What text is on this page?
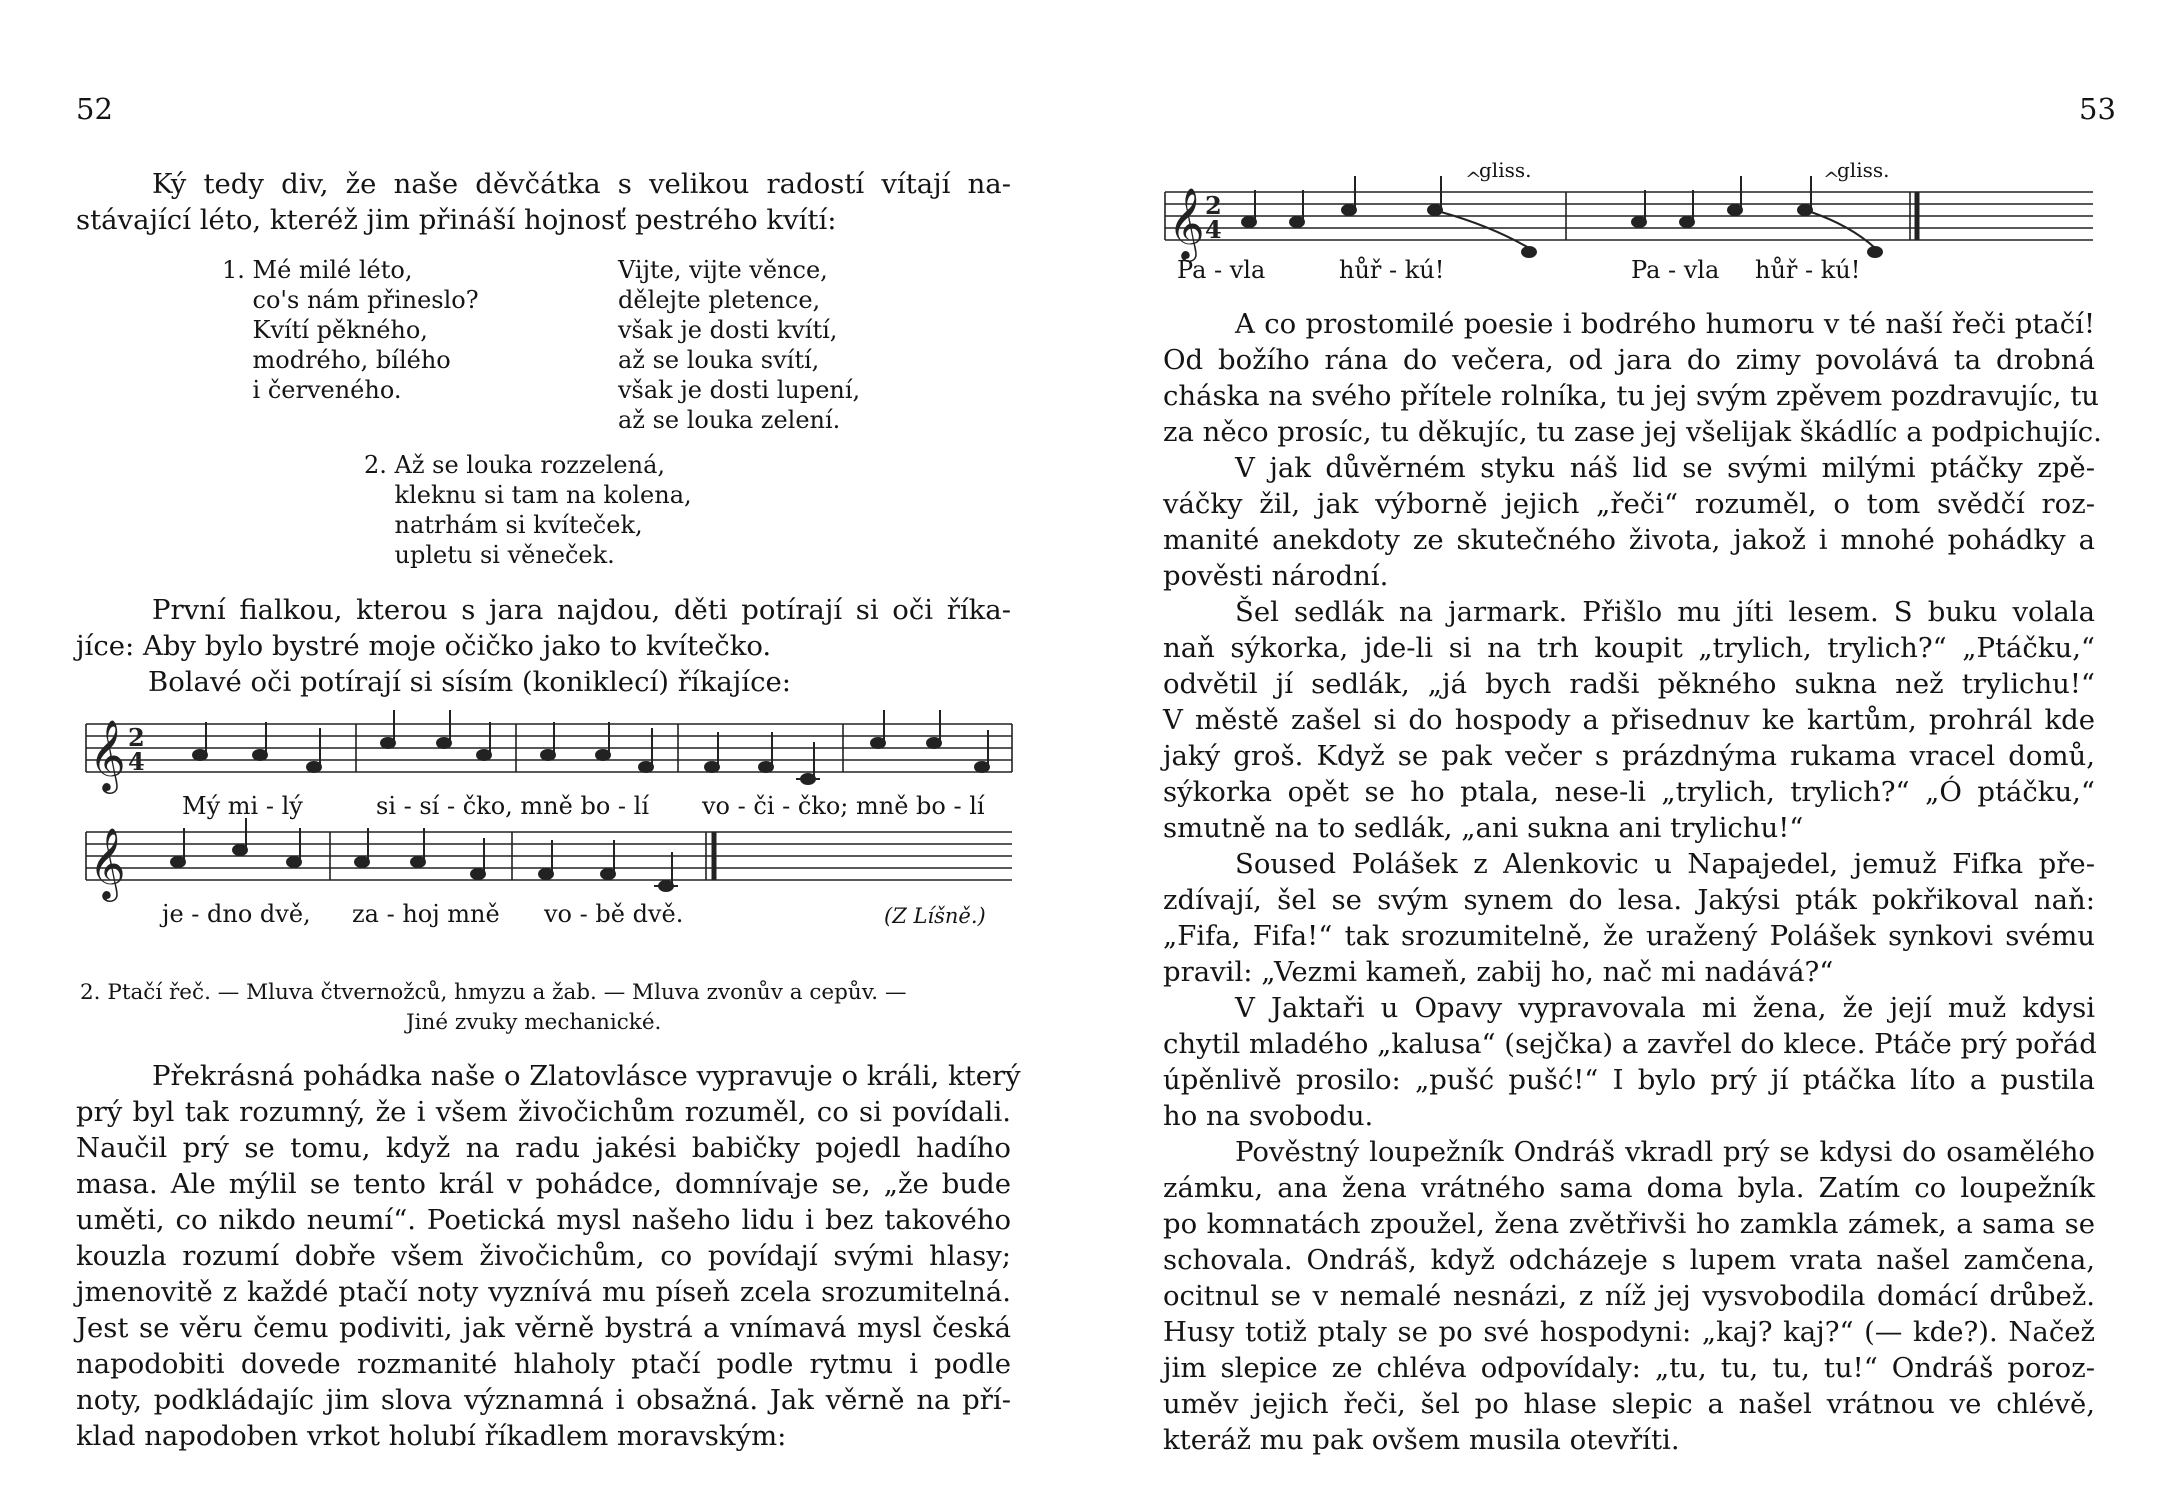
52
Ký tedy div, že naše děvčátka s velikou radostí vítají na-
stávající léto, kteréž jim přináší hojnosť pestrého kvítí:
1. Mé milé léto,
co's nám přineslo?
Kvítí pěkného,
modrého, bílého
i červeného.
Vijte, vijte věnce,
dělejte pletence,
však je dosti kvítí,
až se louka svítí,
však je dosti lupení,
až se louka zelení.
2. Až se louka rozzelená,
kleknu si tam na kolena,
natrhám si kvíteček,
upletu si věneček.
První fialkou, kterou s jara najdou, děti potírají si oči říka-
jíce: Aby bylo bystré moje očičko jako to kvítečko.
Bolavé oči potírají si sísím (koniklecí) říkajíce:
𝄞 2
4
𝄞
Mý mi - lý	si - sí - čko, mně bo - lí vo - či - čko; mně bo - lí
je - dno dvě, za - hoj mně vo - bě dvě.	(Z Líšně.)
2. Ptačí řeč. — Mluva čtvernožců, hmyzu a žab. — Mluva zvonův a cepův. —
Jiné zvuky mechanické.
Překrásná pohádka naše o Zlatovlásce vypravuje o králi, který
prý byl tak rozumný, že i všem živočichům rozuměl, co si povídali.
Naučil prý se tomu, když na radu jakési babičky pojedl hadího
masa. Ale mýlil se tento král v pohádce, domnívaje se, „že bude
uměti, co nikdo neumí“. Poetická mysl našeho lidu i bez takového
kouzla rozumí dobře všem živočichům, co povídají svými hlasy;
jmenovitě z každé ptačí noty vyznívá mu píseň zcela srozumitelná.
Jest se věru čemu podiviti, jak věrně bystrá a vnímavá mysl česká
napodobiti dovede rozmanité hlaholy ptačí podle rytmu i podle
noty, podkládajíc jim slova významná i obsažná. Jak věrně na pří-
klad napodoben vrkot holubí říkadlem moravským:
53
𝄞 2
4
^	^
gliss.	gliss.
Pa - vla	hůř - kú!	Pa - vla hůř - kú!
A co prostomilé poesie i bodrého humoru v té naší řeči ptačí!
Od božího rána do večera, od jara do zimy povolává ta drobná
cháska na svého přítele rolníka, tu jej svým zpěvem pozdravujíc, tu
za něco prosíc, tu děkujíc, tu zase jej všelijak škádlíc a podpichujíc.
V jak důvěrném styku náš lid se svými milými ptáčky zpě-
váčky žil, jak výborně jejich „řeči“ rozuměl, o tom svědčí roz-
manité anekdoty ze skutečného života, jakož i mnohé pohádky a
pověsti národní.
Šel sedlák na jarmark. Přišlo mu jíti lesem. S buku volala
naň sýkorka, jde-li si na trh koupit „trylich, trylich?“ „Ptáčku,“
odvětil jí sedlák, „já bych radši pěkného sukna než trylichu!“
V městě zašel si do hospody a přisednuv ke kartům, prohrál kde
jaký groš. Když se pak večer s prázdnýma rukama vracel domů,
sýkorka opět se ho ptala, nese-li „trylich, trylich?“ „Ó ptáčku,“
smutně na to sedlák, „ani sukna ani trylichu!“
Soused Polášek z Alenkovic u Napajedel, jemuž Fifka pře-
zdívají, šel se svým synem do lesa. Jakýsi pták pokřikoval naň:
„Fifa, Fifa!“ tak srozumitelně, že uražený Polášek synkovi svému
pravil: „Vezmi kameň, zabij ho, nač mi nadává?“
V Jaktaři u Opavy vypravovala mi žena, že její muž kdysi
chytil mladého „kalusa“ (sejčka) a zavřel do klece. Ptáče prý pořád
úpěnlivě prosilo: „pušć pušć!“ I bylo prý jí ptáčka líto a pustila
ho na svobodu.
Pověstný loupežník Ondráš vkradl prý se kdysi do osamělého
zámku, ana žena vrátného sama doma byla. Zatím co loupežník
po komnatách zpoužel, žena zvětřivši ho zamkla zámek, a sama se
schovala. Ondráš, když odcházeje s lupem vrata našel zamčena,
ocitnul se v nemalé nesnázi, z níž jej vysvobodila domácí drůbež.
Husy totiž ptaly se po své hospodyni: „kaj? kaj?“ (— kde?). Načež
jim slepice ze chléva odpovídaly: „tu, tu, tu, tu!“ Ondráš poroz-
uměv jejich řeči, šel po hlase slepic a našel vrátnou ve chlévě,
kteráž mu pak ovšem musila otevříti.
